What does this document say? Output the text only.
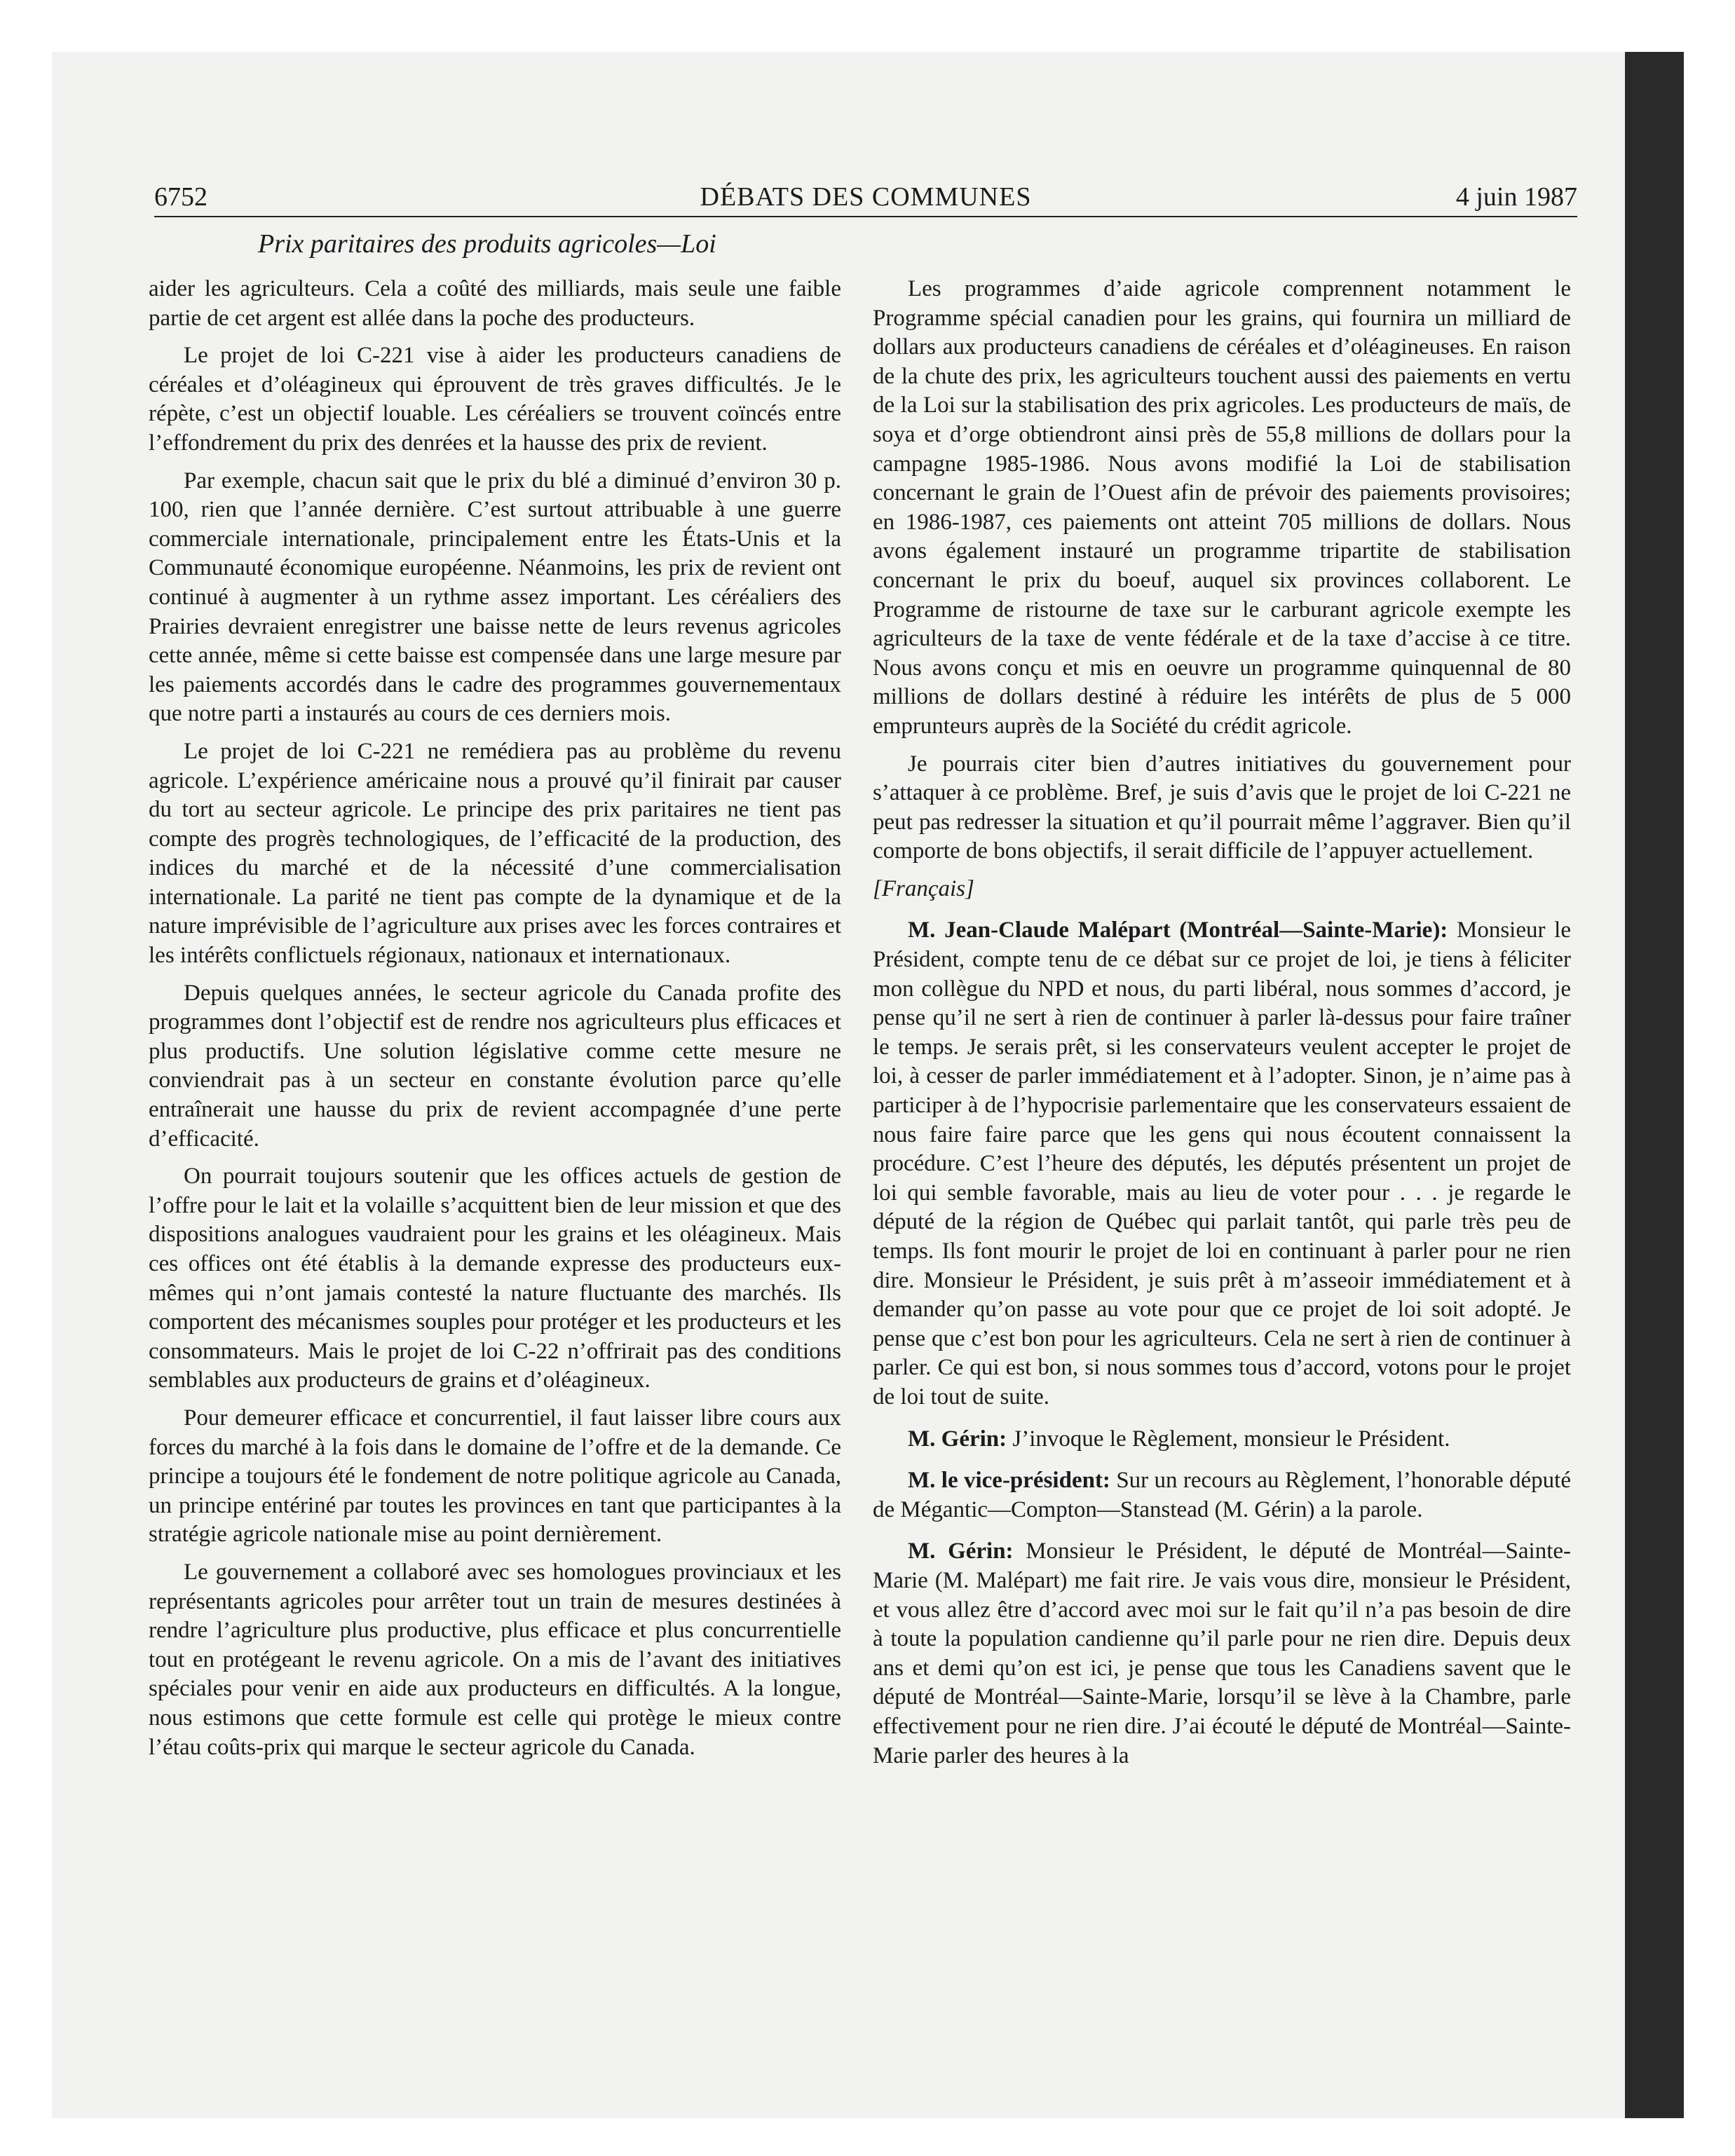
6752	DÉBATS DES COMMUNES	4 juin 1987
Prix paritaires des produits agricoles—Loi

aider les agriculteurs. Cela a coûté des milliards, mais seule une faible partie de cet argent est allée dans la poche des producteurs.

Le projet de loi C-221 vise à aider les producteurs canadiens de céréales et d’oléagineux qui éprouvent de très graves difficultés. Je le répète, c’est un objectif louable. Les céréaliers se trouvent coïncés entre l’effondrement du prix des denrées et la hausse des prix de revient.

Par exemple, chacun sait que le prix du blé a diminué d’environ 30 p. 100, rien que l’année dernière. C’est surtout attribuable à une guerre commerciale internationale, principalement entre les États-Unis et la Communauté économique européenne. Néanmoins, les prix de revient ont continué à augmenter à un rythme assez important. Les céréaliers des Prairies devraient enregistrer une baisse nette de leurs revenus agricoles cette année, même si cette baisse est compensée dans une large mesure par les paiements accordés dans le cadre des programmes gouvernementaux que notre parti a instaurés au cours de ces derniers mois.

Le projet de loi C-221 ne remédiera pas au problème du revenu agricole. L’expérience américaine nous a prouvé qu’il finirait par causer du tort au secteur agricole. Le principe des prix paritaires ne tient pas compte des progrès technologiques, de l’efficacité de la production, des indices du marché et de la nécessité d’une commercialisation internationale. La parité ne tient pas compte de la dynamique et de la nature imprévisible de l’agriculture aux prises avec les forces contraires et les intérêts conflictuels régionaux, nationaux et internationaux.

Depuis quelques années, le secteur agricole du Canada profite des programmes dont l’objectif est de rendre nos agriculteurs plus efficaces et plus productifs. Une solution législative comme cette mesure ne conviendrait pas à un secteur en constante évolution parce qu’elle entraînerait une hausse du prix de revient accompagnée d’une perte d’efficacité.

On pourrait toujours soutenir que les offices actuels de gestion de l’offre pour le lait et la volaille s’acquittent bien de leur mission et que des dispositions analogues vaudraient pour les grains et les oléagineux. Mais ces offices ont été établis à la demande expresse des producteurs eux-mêmes qui n’ont jamais contesté la nature fluctuante des marchés. Ils comportent des mécanismes souples pour protéger et les producteurs et les consommateurs. Mais le projet de loi C-22 n’offrirait pas des conditions semblables aux producteurs de grains et d’oléagineux.

Pour demeurer efficace et concurrentiel, il faut laisser libre cours aux forces du marché à la fois dans le domaine de l’offre et de la demande. Ce principe a toujours été le fondement de notre politique agricole au Canada, un principe entériné par toutes les provinces en tant que participantes à la stratégie agricole nationale mise au point dernièrement.

Le gouvernement a collaboré avec ses homologues provinciaux et les représentants agricoles pour arrêter tout un train de mesures destinées à rendre l’agriculture plus productive, plus efficace et plus concurrentielle tout en protégeant le revenu agricole. On a mis de l’avant des initiatives spéciales pour venir en aide aux producteurs en difficultés. A la longue, nous estimons que cette formule est celle qui protège le mieux contre l’étau coûts-prix qui marque le secteur agricole du Canada.

Les programmes d’aide agricole comprennent notamment le Programme spécial canadien pour les grains, qui fournira un milliard de dollars aux producteurs canadiens de céréales et d’oléagineuses. En raison de la chute des prix, les agriculteurs touchent aussi des paiements en vertu de la Loi sur la stabilisation des prix agricoles. Les producteurs de maïs, de soya et d’orge obtiendront ainsi près de 55,8 millions de dollars pour la campagne 1985-1986. Nous avons modifié la Loi de stabilisation concernant le grain de l’Ouest afin de prévoir des paiements provisoires; en 1986-1987, ces paiements ont atteint 705 millions de dollars. Nous avons également instauré un programme tripartite de stabilisation concernant le prix du boeuf, auquel six provinces collaborent. Le Programme de ristourne de taxe sur le carburant agricole exempte les agriculteurs de la taxe de vente fédérale et de la taxe d’accise à ce titre. Nous avons conçu et mis en oeuvre un programme quinquennal de 80 millions de dollars destiné à réduire les intérêts de plus de 5 000 emprunteurs auprès de la Société du crédit agricole.

Je pourrais citer bien d’autres initiatives du gouvernement pour s’attaquer à ce problème. Bref, je suis d’avis que le projet de loi C-221 ne peut pas redresser la situation et qu’il pourrait même l’aggraver. Bien qu’il comporte de bons objectifs, il serait difficile de l’appuyer actuellement.

[Français]

M. Jean-Claude Malépart (Montréal—Sainte-Marie): Monsieur le Président, compte tenu de ce débat sur ce projet de loi, je tiens à féliciter mon collègue du NPD et nous, du parti libéral, nous sommes d’accord, je pense qu’il ne sert à rien de continuer à parler là-dessus pour faire traîner le temps. Je serais prêt, si les conservateurs veulent accepter le projet de loi, à cesser de parler immédiatement et à l’adopter. Sinon, je n’aime pas à participer à de l’hypocrisie parlementaire que les conservateurs essaient de nous faire faire parce que les gens qui nous écoutent connaissent la procédure. C’est l’heure des députés, les députés présentent un projet de loi qui semble favorable, mais au lieu de voter pour . . . je regarde le député de la région de Québec qui parlait tantôt, qui parle très peu de temps. Ils font mourir le projet de loi en continuant à parler pour ne rien dire. Monsieur le Président, je suis prêt à m’asseoir immédiatement et à demander qu’on passe au vote pour que ce projet de loi soit adopté. Je pense que c’est bon pour les agriculteurs. Cela ne sert à rien de continuer à parler. Ce qui est bon, si nous sommes tous d’accord, votons pour le projet de loi tout de suite.

M. Gérin: J’invoque le Règlement, monsieur le Président.

M. le vice-président: Sur un recours au Règlement, l’honorable député de Mégantic—Compton—Stanstead (M. Gérin) a la parole.

M. Gérin: Monsieur le Président, le député de Montréal—Sainte-Marie (M. Malépart) me fait rire. Je vais vous dire, monsieur le Président, et vous allez être d’accord avec moi sur le fait qu’il n’a pas besoin de dire à toute la population candienne qu’il parle pour ne rien dire. Depuis deux ans et demi qu’on est ici, je pense que tous les Canadiens savent que le député de Montréal—Sainte-Marie, lorsqu’il se lève à la Chambre, parle effectivement pour ne rien dire. J’ai écouté le député de Montréal—Sainte-Marie parler des heures à la
